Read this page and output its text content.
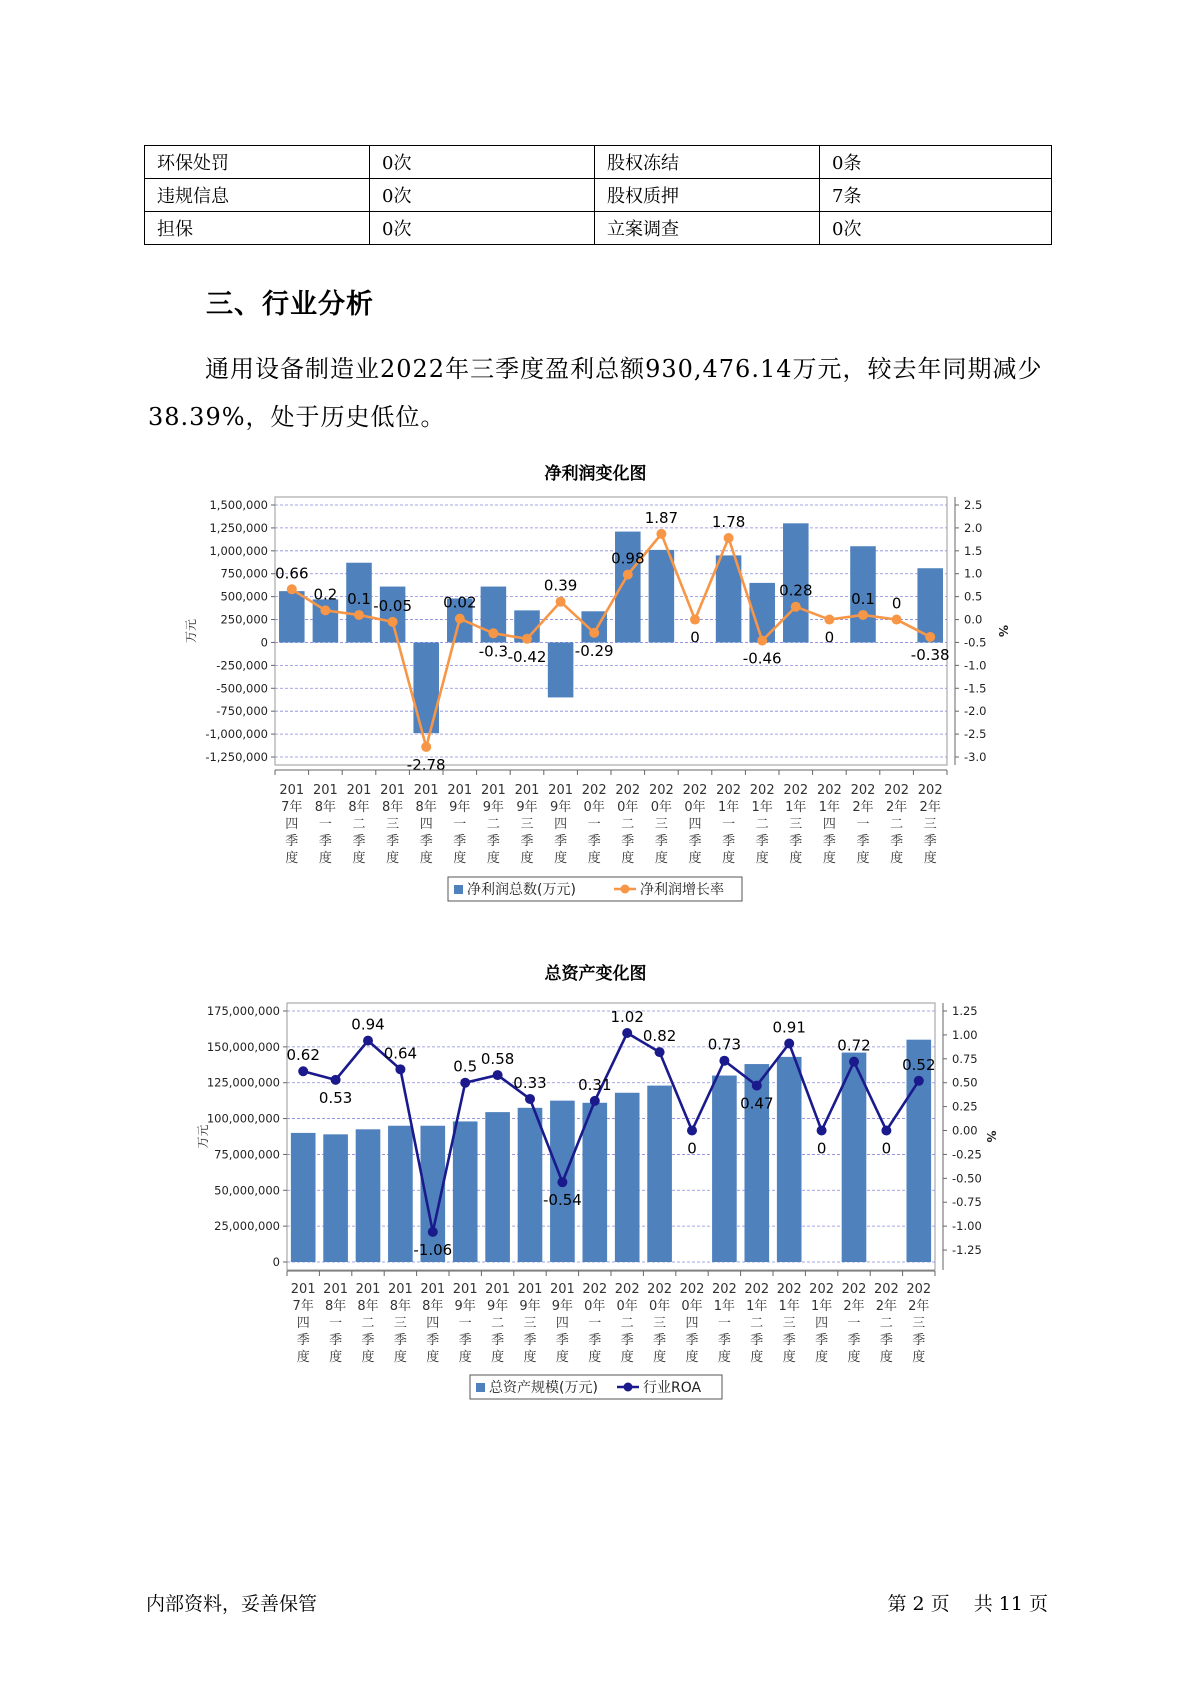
环保处罚	0次	股权冻结	0条
违规信息	0次	股权质押	7条
担保	0次	立案调查	0次
三、行业分析
通用设备制造业2022年三季度盈利总额930,476.14万元，较去年同期减少38.39%，处于历史低位。
净利润变化图
1,500,000
1,250,000
1,000,000
750,000
500,000
250,000
0
-250,000
-500,000
-750,000
-1,000,000
-1,250,000
2.5
2.0
1.5
1.0
0.5
0.0
-0.5
-1.0
-1.5
-2.0
-2.5
-3.0
万元	%
0.66
0.2 0.1 -0.05
-2.78
0.02
-0.3 -0.42
0.39
-0.29
0.98
1.87
0
1.78
-0.46
0.28
0
0.1 0
-0.38
201
7年
四
季
度
201
8年
一
季
度
201
8年
二
季
度
201
8年
三
季
度
201
8年
四
季
度
201
9年
一
季
度
201
9年
二
季
度
201
9年
三
季
度
201
9年
四
季
度
202
0年
一
季
度
202
0年
二
季
度
202
0年
三
季
度
202
0年
四
季
度
202
1年
一
季
度
202
1年
二
季
度
202
1年
三
季
度
202
1年
四
季
度
202
2年
一
季
度
202
2年
二
季
度
202
2年
三
季
度
净利润总数(万元)	净利润增长率
总资产变化图
175,000,000
150,000,000
125,000,000
100,000,000
75,000,000
50,000,000
25,000,000
0
1.25
1.00
0.75
0.50
0.25
0.00
-0.25
-0.50
-0.75
-1.00
-1.25
万元	%
0.62
0.53
0.94
0.64
-1.06
0.5 0.58
0.33
-0.54
0.31
1.02
0.82
0
0.73
0.47
0.91
0
0.72
0
0.52
201
7年
四
季
度
201
8年
一
季
度
201
8年
二
季
度
201
8年
三
季
度
201
8年
四
季
度
201
9年
一
季
度
201
9年
二
季
度
201
9年
三
季
度
201
9年
四
季
度
202
0年
一
季
度
202
0年
二
季
度
202
0年
三
季
度
202
0年
四
季
度
202
1年
一
季
度
202
1年
二
季
度
202
1年
三
季
度
202
1年
四
季
度
202
2年
一
季
度
202
2年
二
季
度
202
2年
三
季
度
总资产规模(万元)	行业ROA
内部资料，妥善保管	第 2 页 共 11 页
